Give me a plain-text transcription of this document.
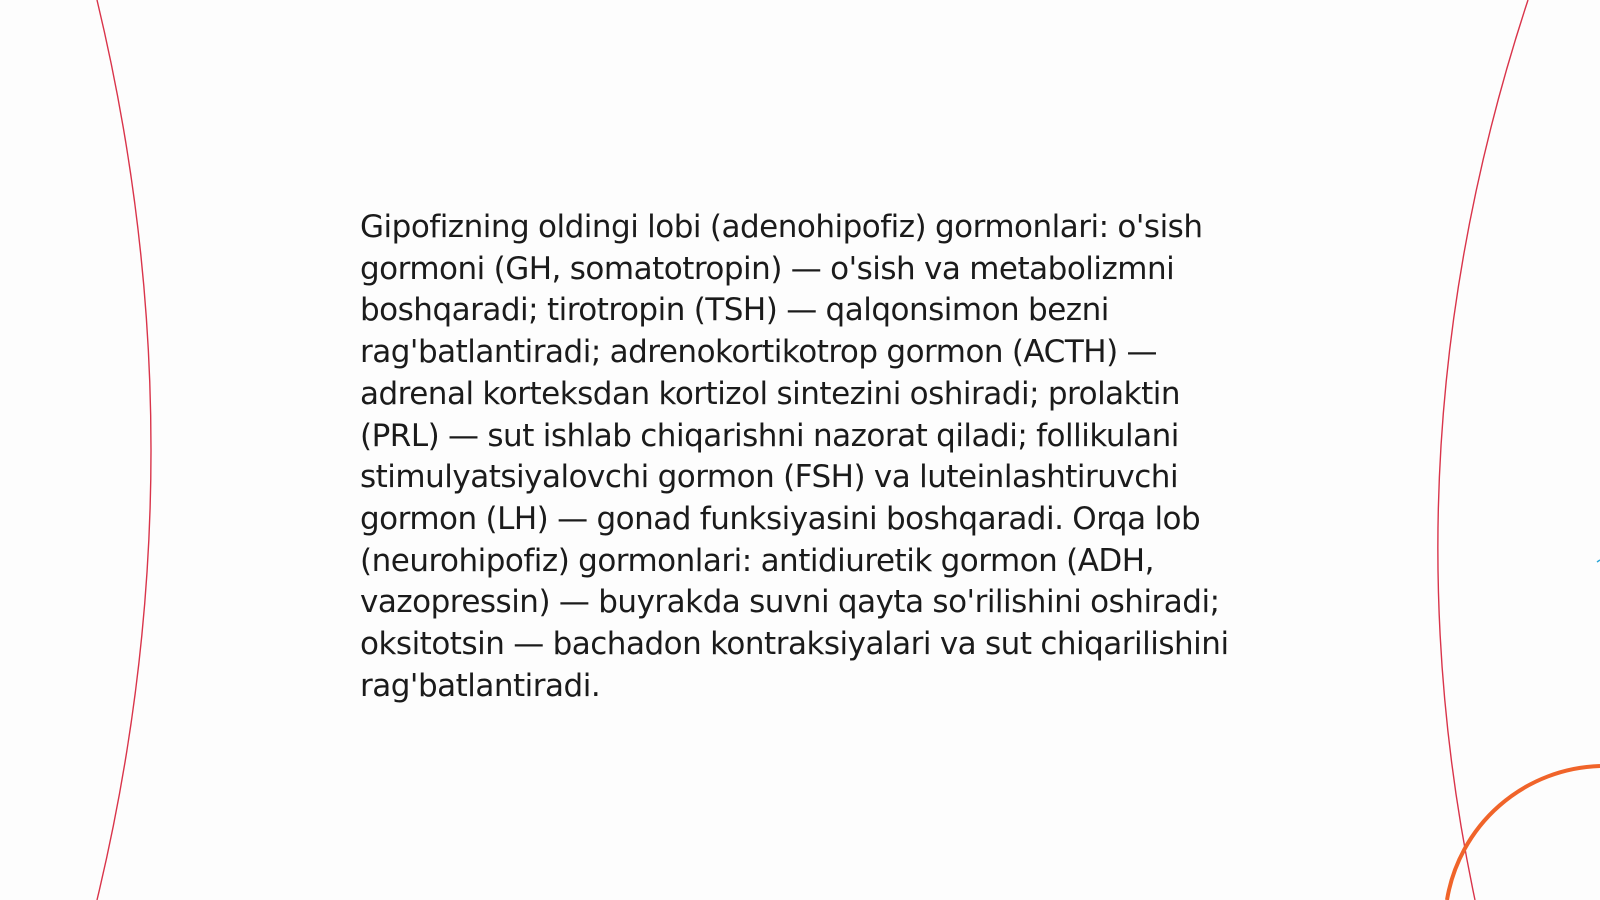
Gipofizning oldingi lobi (adenohipofiz) gormonlari: o'sish gormoni (GH, somatotropin) — o'sish va metabolizmni boshqaradi; tirotropin (TSH) — qalqonsimon bezni rag'batlantiradi; adrenokortikotrop gormon (ACTH) — adrenal korteksdan kortizol sintezini oshiradi; prolaktin (PRL) — sut ishlab chiqarishni nazorat qiladi; follikulani stimulyatsiyalovchi gormon (FSH) va luteinlashtiruvchi gormon (LH) — gonad funksiyasini boshqaradi. Orqa lob (neurohipofiz) gormonlari: antidiuretik gormon (ADH, vazopressin) — buyrakda suvni qayta so'rilishini oshiradi; oksitotsin — bachadon kontraksiyalari va sut chiqarilishini rag'batlantiradi.
